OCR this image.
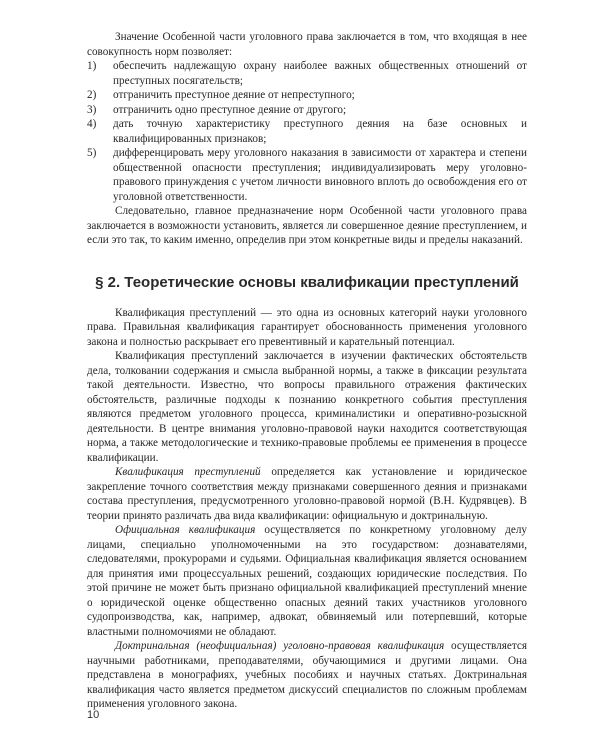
Значение Особенной части уголовного права заключается в том, что входящая в нее совокупность норм позволяет:

1) обеспечить надлежащую охрану наиболее важных общественных отношений от преступных посягательств;
2) отграничить преступное деяние от непреступного;
3) отграничить одно преступное деяние от другого;
4) дать точную характеристику преступного деяния на базе основных и квалифицированных признаков;
5) дифференцировать меру уголовного наказания в зависимости от характера и степени общественной опасности преступления; индивидуализировать меру уголовно-правового принуждения с учетом личности виновного вплоть до освобождения его от уголовной ответственности.

Следовательно, главное предназначение норм Особенной части уголовного права заключается в возможности установить, является ли совершенное деяние преступлением, и если это так, то каким именно, определив при этом конкретные виды и пределы наказаний.

§ 2. Теоретические основы квалификации преступлений

Квалификация преступлений — это одна из основных категорий науки уголовного права. Правильная квалификация гарантирует обоснованность применения уголовного закона и полностью раскрывает его превентивный и карательный потенциал.

Квалификация преступлений заключается в изучении фактических обстоятельств дела, толковании содержания и смысла выбранной нормы, а также в фиксации результата такой деятельности. Известно, что вопросы правильного отражения фактических обстоятельств, различные подходы к познанию конкретного события преступления являются предметом уголовного процесса, криминалистики и оперативно-розыскной деятельности. В центре внимания уголовно-правовой науки находится соответствующая норма, а также методологические и технико-правовые проблемы ее применения в процессе квалификации.

Квалификация преступлений определяется как установление и юридическое закрепление точного соответствия между признаками совершенного деяния и признаками состава преступления, предусмотренного уголовно-правовой нормой (В.Н. Кудрявцев). В теории принято различать два вида квалификации: официальную и доктринальную.

Официальная квалификация осуществляется по конкретному уголовному делу лицами, специально уполномоченными на это государством: дознавателями, следователями, прокурорами и судьями. Официальная квалификация является основанием для принятия ими процессуальных решений, создающих юридические последствия. По этой причине не может быть признано официальной квалификацией преступлений мнение о юридической оценке общественно опасных деяний таких участников уголовного судопроизводства, как, например, адвокат, обвиняемый или потерпевший, которые властными полномочиями не обладают.

Доктринальная (неофициальная) уголовно-правовая квалификация осуществляется научными работниками, преподавателями, обучающимися и другими лицами. Она представлена в монографиях, учебных пособиях и научных статьях. Доктринальная квалификация часто является предметом дискуссий специалистов по сложным проблемам применения уголовного закона.

10
